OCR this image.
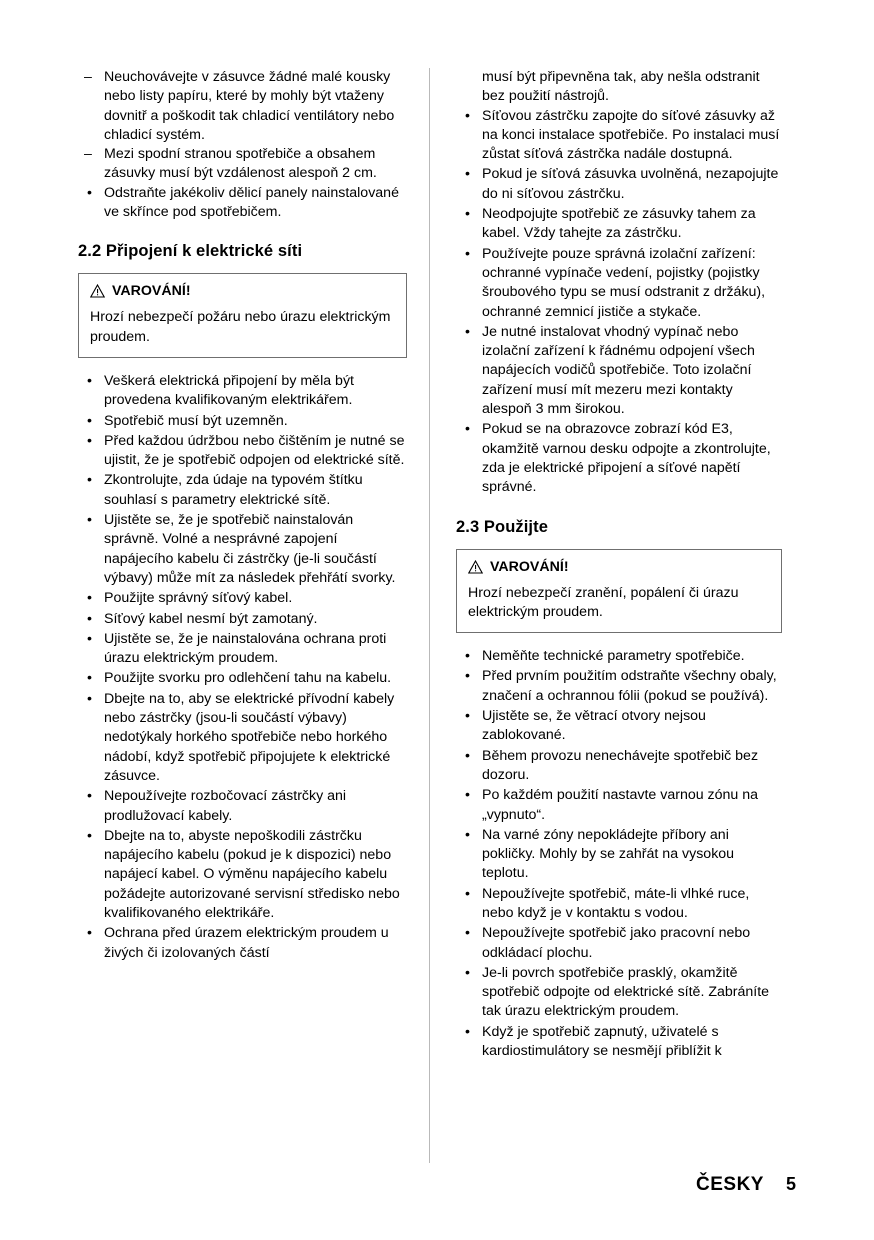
– Neuchovávejte v zásuvce žádné malé kousky nebo listy papíru, které by mohly být vtaženy dovnitř a poškodit tak chladicí ventilátory nebo chladicí systém.
– Mezi spodní stranou spotřebiče a obsahem zásuvky musí být vzdálenost alespoň 2 cm.
• Odstraňte jakékoliv dělicí panely nainstalované ve skřínce pod spotřebičem.
2.2 Připojení k elektrické síti
VAROVÁNÍ!
Hrozí nebezpečí požáru nebo úrazu elektrickým proudem.
• Veškerá elektrická připojení by měla být provedena kvalifikovaným elektrikářem.
• Spotřebič musí být uzemněn.
• Před každou údržbou nebo čištěním je nutné se ujistit, že je spotřebič odpojen od elektrické sítě.
• Zkontrolujte, zda údaje na typovém štítku souhlasí s parametry elektrické sítě.
• Ujistěte se, že je spotřebič nainstalován správně. Volné a nesprávné zapojení napájecího kabelu či zástrčky (je-li součástí výbavy) může mít za následek přehřátí svorky.
• Použijte správný síťový kabel.
• Síťový kabel nesmí být zamotaný.
• Ujistěte se, že je nainstalována ochrana proti úrazu elektrickým proudem.
• Použijte svorku pro odlehčení tahu na kabelu.
• Dbejte na to, aby se elektrické přívodní kabely nebo zástrčky (jsou-li součástí výbavy) nedotýkaly horkého spotřebiče nebo horkého nádobí, když spotřebič připojujete k elektrické zásuvce.
• Nepoužívejte rozbočovací zástrčky ani prodlužovací kabely.
• Dbejte na to, abyste nepoškodili zástrčku napájecího kabelu (pokud je k dispozici) nebo napájecí kabel. O výměnu napájecího kabelu požádejte autorizované servisní středisko nebo kvalifikovaného elektrikáře.
• Ochrana před úrazem elektrickým proudem u živých či izolovaných částí
musí být připevněna tak, aby nešla odstranit bez použití nástrojů.
• Síťovou zástrčku zapojte do síťové zásuvky až na konci instalace spotřebiče. Po instalaci musí zůstat síťová zástrčka nadále dostupná.
• Pokud je síťová zásuvka uvolněná, nezapojujte do ni síťovou zástrčku.
• Neodpojujte spotřebič ze zásuvky tahem za kabel. Vždy tahejte za zástrčku.
• Používejte pouze správná izolační zařízení: ochranné vypínače vedení, pojistky (pojistky šroubového typu se musí odstranit z držáku), ochranné zemnicí jističe a stykače.
• Je nutné instalovat vhodný vypínač nebo izolační zařízení k řádnému odpojení všech napájecích vodičů spotřebiče. Toto izolační zařízení musí mít mezeru mezi kontakty alespoň 3 mm širokou.
• Pokud se na obrazovce zobrazí kód E3, okamžitě varnou desku odpojte a zkontrolujte, zda je elektrické připojení a síťové napětí správné.
2.3 Použijte
VAROVÁNÍ!
Hrozí nebezpečí zranění, popálení či úrazu elektrickým proudem.
• Neměňte technické parametry spotřebiče.
• Před prvním použitím odstraňte všechny obaly, značení a ochrannou fólii (pokud se používá).
• Ujistěte se, že větrací otvory nejsou zablokované.
• Během provozu nenechávejte spotřebič bez dozoru.
• Po každém použití nastavte varnou zónu na „vypnuto“.
• Na varné zóny nepokládejte příbory ani pokličky. Mohly by se zahřát na vysokou teplotu.
• Nepoužívejte spotřebič, máte-li vlhké ruce, nebo když je v kontaktu s vodou.
• Nepoužívejte spotřebič jako pracovní nebo odkládací plochu.
• Je-li povrch spotřebiče prasklý, okamžitě spotřebič odpojte od elektrické sítě. Zabráníte tak úrazu elektrickým proudem.
• Když je spotřebič zapnutý, uživatelé s kardiostimulátory se nesmějí přiblížit k
ČESKY 5
